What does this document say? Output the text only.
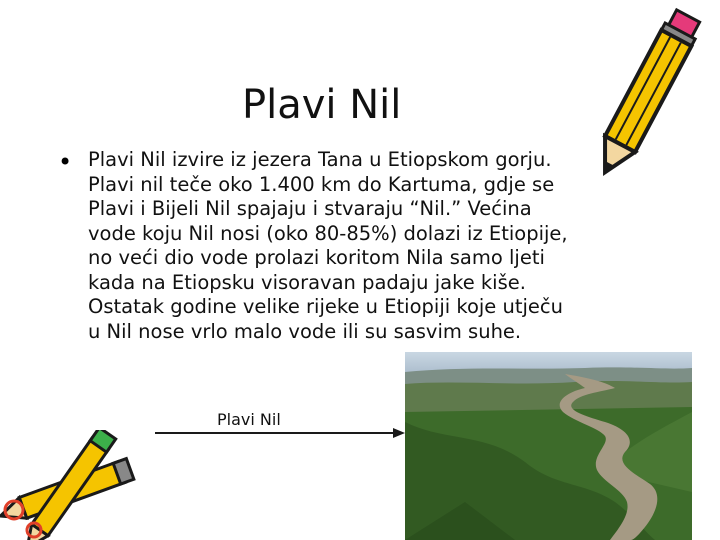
Plavi Nil
• Plavi Nil izvire iz jezera Tana u Etiopskom gorju.
Plavi nil teče oko 1.400 km do Kartuma, gdje se
Plavi i Bijeli Nil spajaju i stvaraju “Nil.” Većina
vode koju Nil nosi (oko 80-85%) dolazi iz Etiopije,
no veći dio vode prolazi koritom Nila samo ljeti
kada na Etiopsku visoravan padaju jake kiše.
Ostatak godine velike rijeke u Etiopiji koje utječu
u Nil nose vrlo malo vode ili su sasvim suhe.
Plavi Nil
